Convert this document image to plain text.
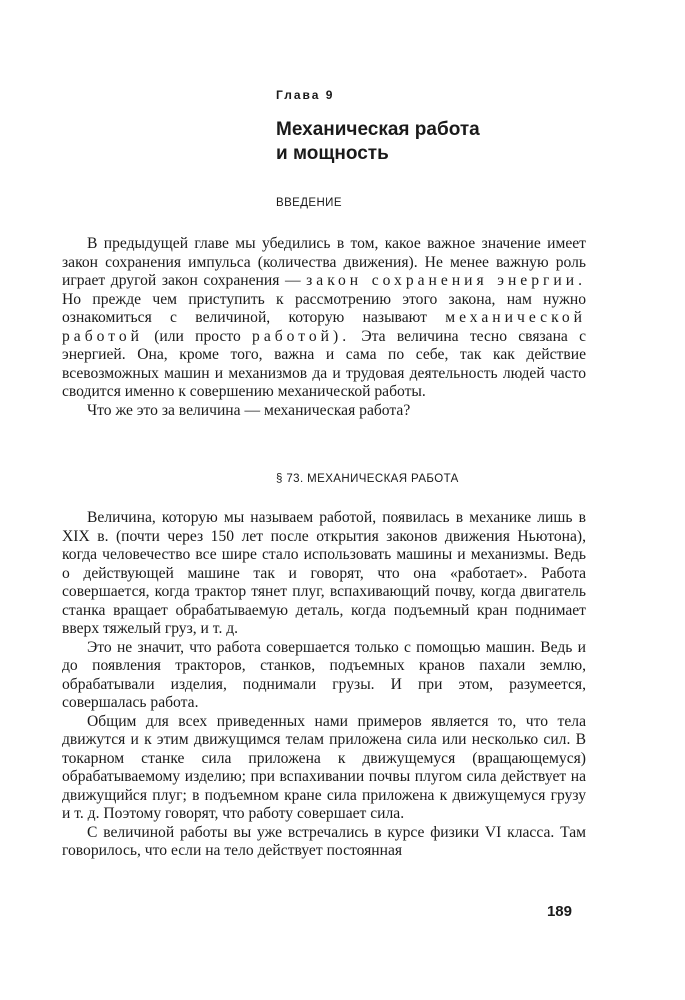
Глава 9
Механическая работа
и мощность
ВВЕДЕНИЕ

В предыдущей главе мы убедились в том, какое важное значение имеет закон сохранения импульса (количества движения). Не менее важную роль играет другой закон сохранения — закон сохранения энергии. Но прежде чем приступить к рассмотрению этого закона, нам нужно ознакомиться с величиной, которую называют механической работой (или просто работой). Эта величина тесно связана с энергией. Она, кроме того, важна и сама по себе, так как действие всевозможных машин и механизмов да и трудовая деятельность людей часто сводится именно к совершению механической работы.

Что же это за величина — механическая работа?

§ 73. МЕХАНИЧЕСКАЯ РАБОТА

Величина, которую мы называем работой, появилась в механике лишь в XIX в. (почти через 150 лет после открытия законов движения Ньютона), когда человечество все шире стало использовать машины и механизмы. Ведь о действующей машине так и говорят, что она «работает». Работа совершается, когда трактор тянет плуг, вспахивающий почву, когда двигатель станка вращает обрабатываемую деталь, когда подъемный кран поднимает вверх тяжелый груз, и т. д.

Это не значит, что работа совершается только с помощью машин. Ведь и до появления тракторов, станков, подъемных кранов пахали землю, обрабатывали изделия, поднимали грузы. И при этом, разумеется, совершалась работа.

Общим для всех приведенных нами примеров является то, что тела движутся и к этим движущимся телам приложена сила или несколько сил. В токарном станке сила приложена к движущемуся (вращающемуся) обрабатываемому изделию; при вспахивании почвы плугом сила действует на движущийся плуг; в подъемном кране сила приложена к движущемуся грузу и т. д. Поэтому говорят, что работу совершает сила.

С величиной работы вы уже встречались в курсе физики VI класса. Там говорилось, что если на тело действует постоянная

189
